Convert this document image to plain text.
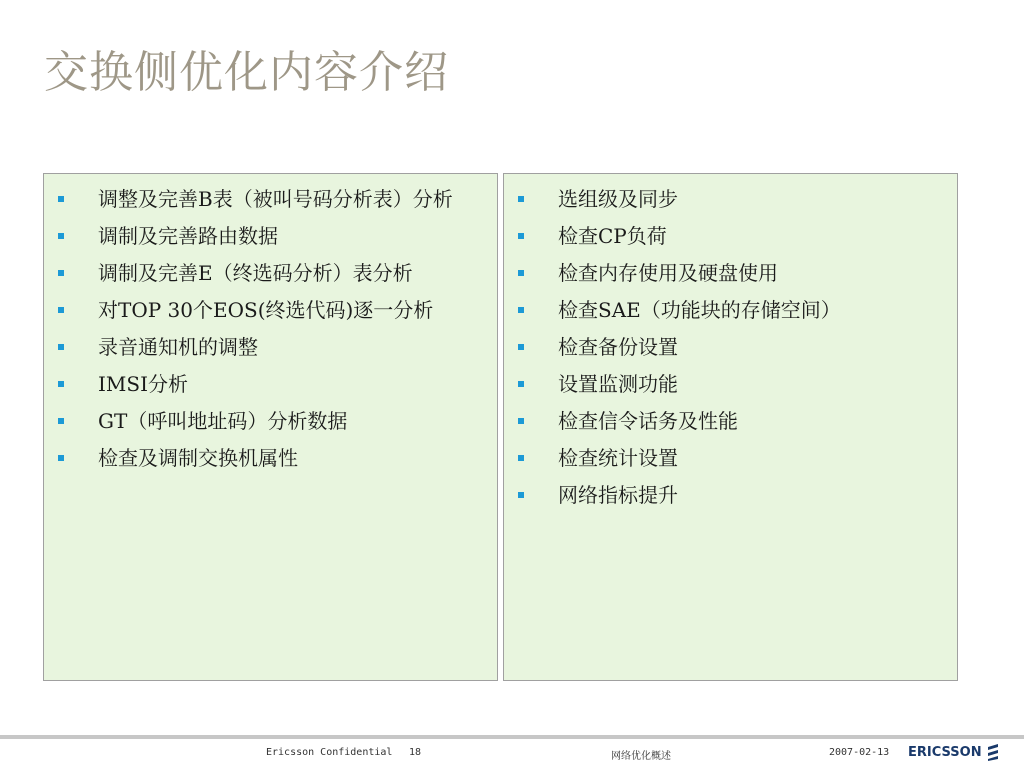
交换侧优化内容介绍
调整及完善B表（被叫号码分析表）分析
调制及完善路由数据
调制及完善E（终选码分析）表分析
对TOP 30个EOS(终选代码)逐一分析
录音通知机的调整
IMSI分析
GT（呼叫地址码）分析数据
检查及调制交换机属性
选组级及同步
检查CP负荷
检查内存使用及硬盘使用
检查SAE（功能块的存储空间）
检查备份设置
设置监测功能
检查信令话务及性能
检查统计设置
网络指标提升
Ericsson Confidential 18	网络优化概述	2007-02-13 ERICSSON
